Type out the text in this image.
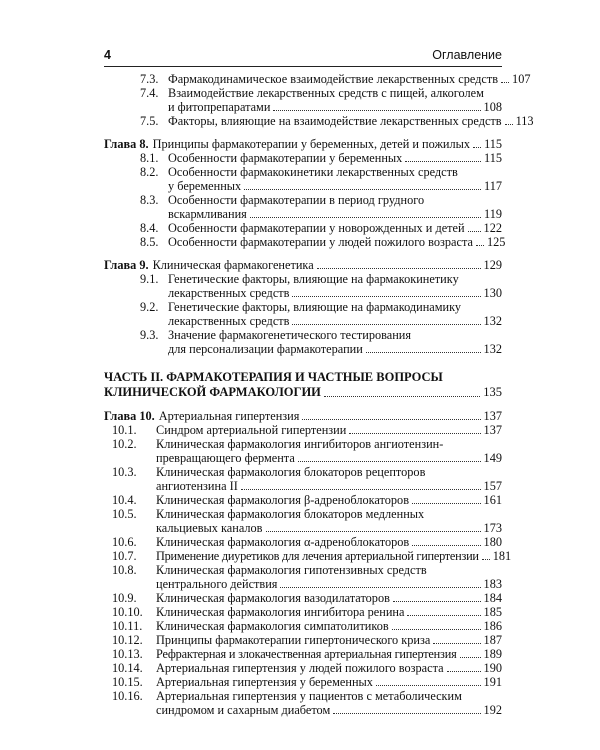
4	Оглавление
7.3. Фармакодинамическое взаимодействие лекарственных средств 107
7.4. Взаимодействие лекарственных средств с пищей, алкоголем
и фитопрепаратами	108
7.5. Факторы, влияющие на взаимодействие лекарственных средств 113
Глава 8. Принципы фармакотерапии у беременных, детей и пожилых 115
8.1. Особенности фармакотерапии у беременных	115
8.2. Особенности фармакокинетики лекарственных средств
у беременных	117
8.3. Особенности фармакотерапии в период грудного
вскармливания	119
8.4. Особенности фармакотерапии у новорожденных и детей 122
8.5. Особенности фармакотерапии у людей пожилого возраста 125
Глава 9. Клиническая фармакогенетика	129
9.1. Генетические факторы, влияющие на фармакокинетику
лекарственных средств	130
9.2. Генетические факторы, влияющие на фармакодинамику
лекарственных средств	132
9.3. Значение фармакогенетического тестирования
для персонализации фармакотерапии	132
ЧАСТЬ II. ФАРМАКОТЕРАПИЯ И ЧАСТНЫЕ ВОПРОСЫ
КЛИНИЧЕСКОЙ ФАРМАКОЛОГИИ	135
Глава 10. Артериальная гипертензия	137
10.1.	Синдром артериальной гипертензии	137
10.2.	Клиническая фармакология ингибиторов ангиотензин-
превращающего фермента	149
10.3.	Клиническая фармакология блокаторов рецепторов
ангиотензина II	157
10.4.	Клиническая фармакология β-адреноблокаторов	161
10.5.	Клиническая фармакология блокаторов медленных
кальциевых каналов	173
10.6.	Клиническая фармакология α-адреноблокаторов	180
10.7.	Применение диуретиков для лечения артериальной гипертензии 181
10.8.	Клиническая фармакология гипотензивных средств
центрального действия	183
10.9.	Клиническая фармакология вазодилататоров	184
10.10.	Клиническая фармакология ингибитора ренина	185
10.11.	Клиническая фармакология симпатолитиков	186
10.12.	Принципы фармакотерапии гипертонического криза	187
10.13.	Рефрактерная и злокачественная артериальная гипертензия 189
10.14.	Артериальная гипертензия у людей пожилого возраста	190
10.15.	Артериальная гипертензия у беременных	191
10.16.	Артериальная гипертензия у пациентов с метаболическим
синдромом и сахарным диабетом	192
